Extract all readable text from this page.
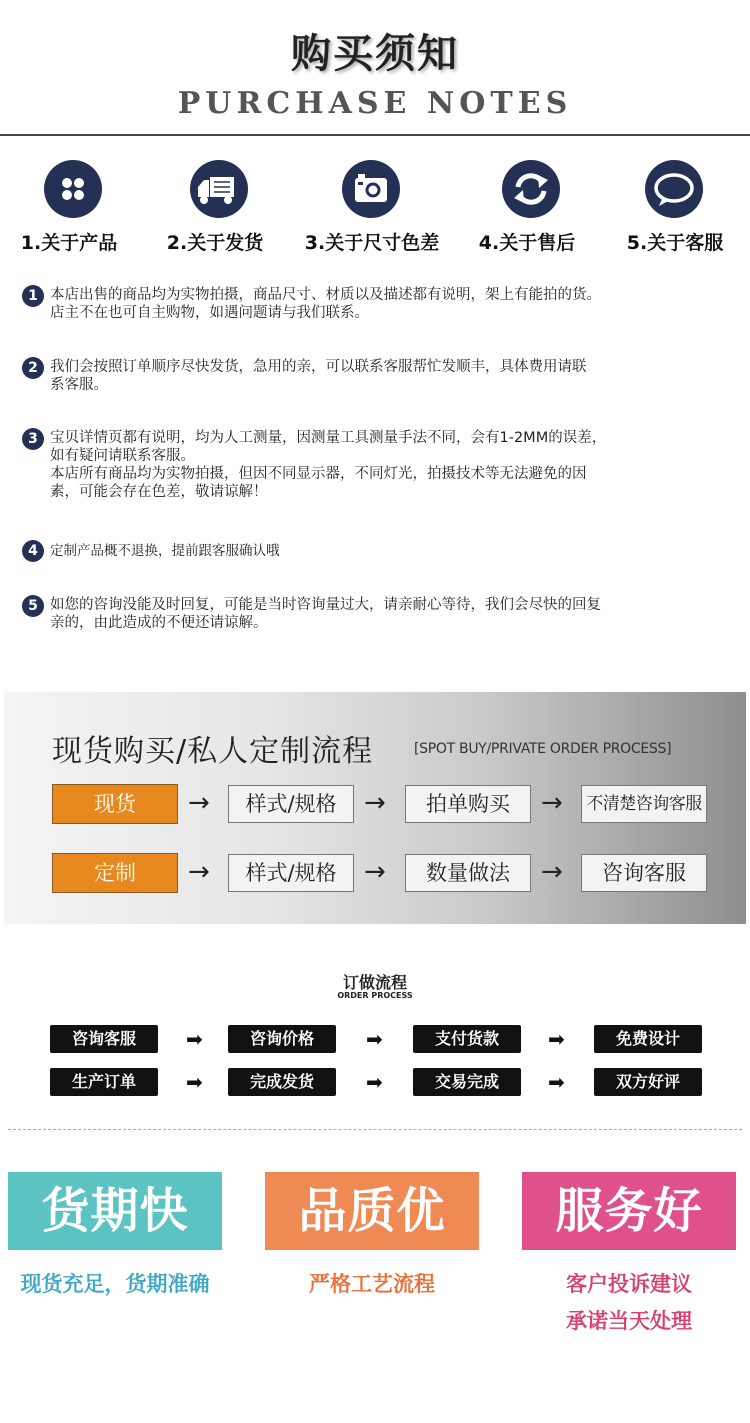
购买须知
PURCHASE NOTES
1.关于产品	2.关于发货	3.关于尺寸色差	4.关于售后	5.关于客服
1 本店出售的商品均为实物拍摄，商品尺寸、材质以及描述都有说明，架上有能拍的货。
店主不在也可自主购物，如遇问题请与我们联系。
2 我们会按照订单顺序尽快发货，急用的亲，可以联系客服帮忙发顺丰，具体费用请联
系客服。
3 宝贝详情页都有说明，均为人工测量，因测量工具测量手法不同，会有1-2MM的误差，
如有疑问请联系客服。
本店所有商品均为实物拍摄，但因不同显示器，不同灯光，拍摄技术等无法避免的因
素，可能会存在色差，敬请谅解！
4 定制产品概不退换，提前跟客服确认哦
5 如您的咨询没能及时回复，可能是当时咨询量过大，请亲耐心等待，我们会尽快的回复
亲的，由此造成的不便还请谅解。
现货购买/私人定制流程	[SPOT BUY/PRIVATE ORDER PROCESS]
现货	→	样式/规格	→	拍单购买	→	不清楚咨询客服
定制	→	样式/规格	→	数量做法	→	咨询客服
订做流程
ORDER PROCESS
咨询客服	➡	咨询价格	➡	支付货款	➡	免费设计
生产订单	➡	完成发货	➡	交易完成	➡	双方好评
货期快	品质优	服务好
现货充足，货期准确	严格工艺流程	客户投诉建议
承诺当天处理
